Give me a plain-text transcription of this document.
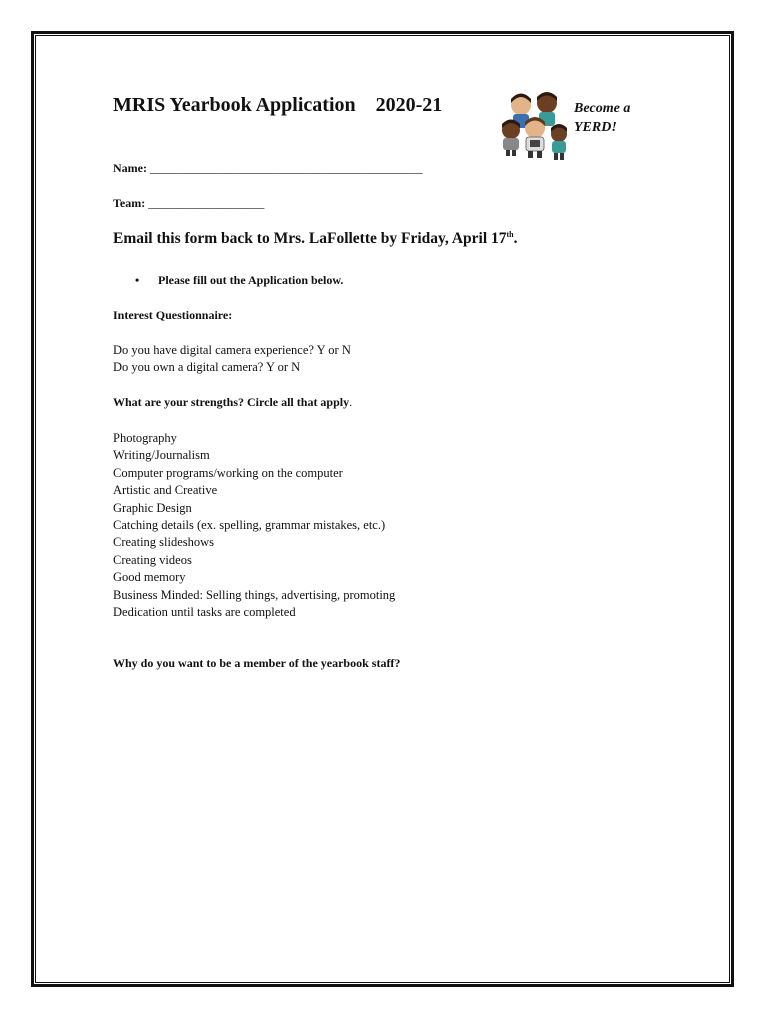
MRIS Yearbook Application 2020-21	Become a
YERD!
Name: _______________________________________________
Team: ____________________
Email this form back to Mrs. LaFollette by Friday, April 17th.
• Please fill out the Application below.
Interest Questionnaire:
Do you have digital camera experience? Y or N
Do you own a digital camera? Y or N
What are your strengths? Circle all that apply.
Photography
Writing/Journalism
Computer programs/working on the computer
Artistic and Creative
Graphic Design
Catching details (ex. spelling, grammar mistakes, etc.)
Creating slideshows
Creating videos
Good memory
Business Minded: Selling things, advertising, promoting
Dedication until tasks are completed
Why do you want to be a member of the yearbook staff?
